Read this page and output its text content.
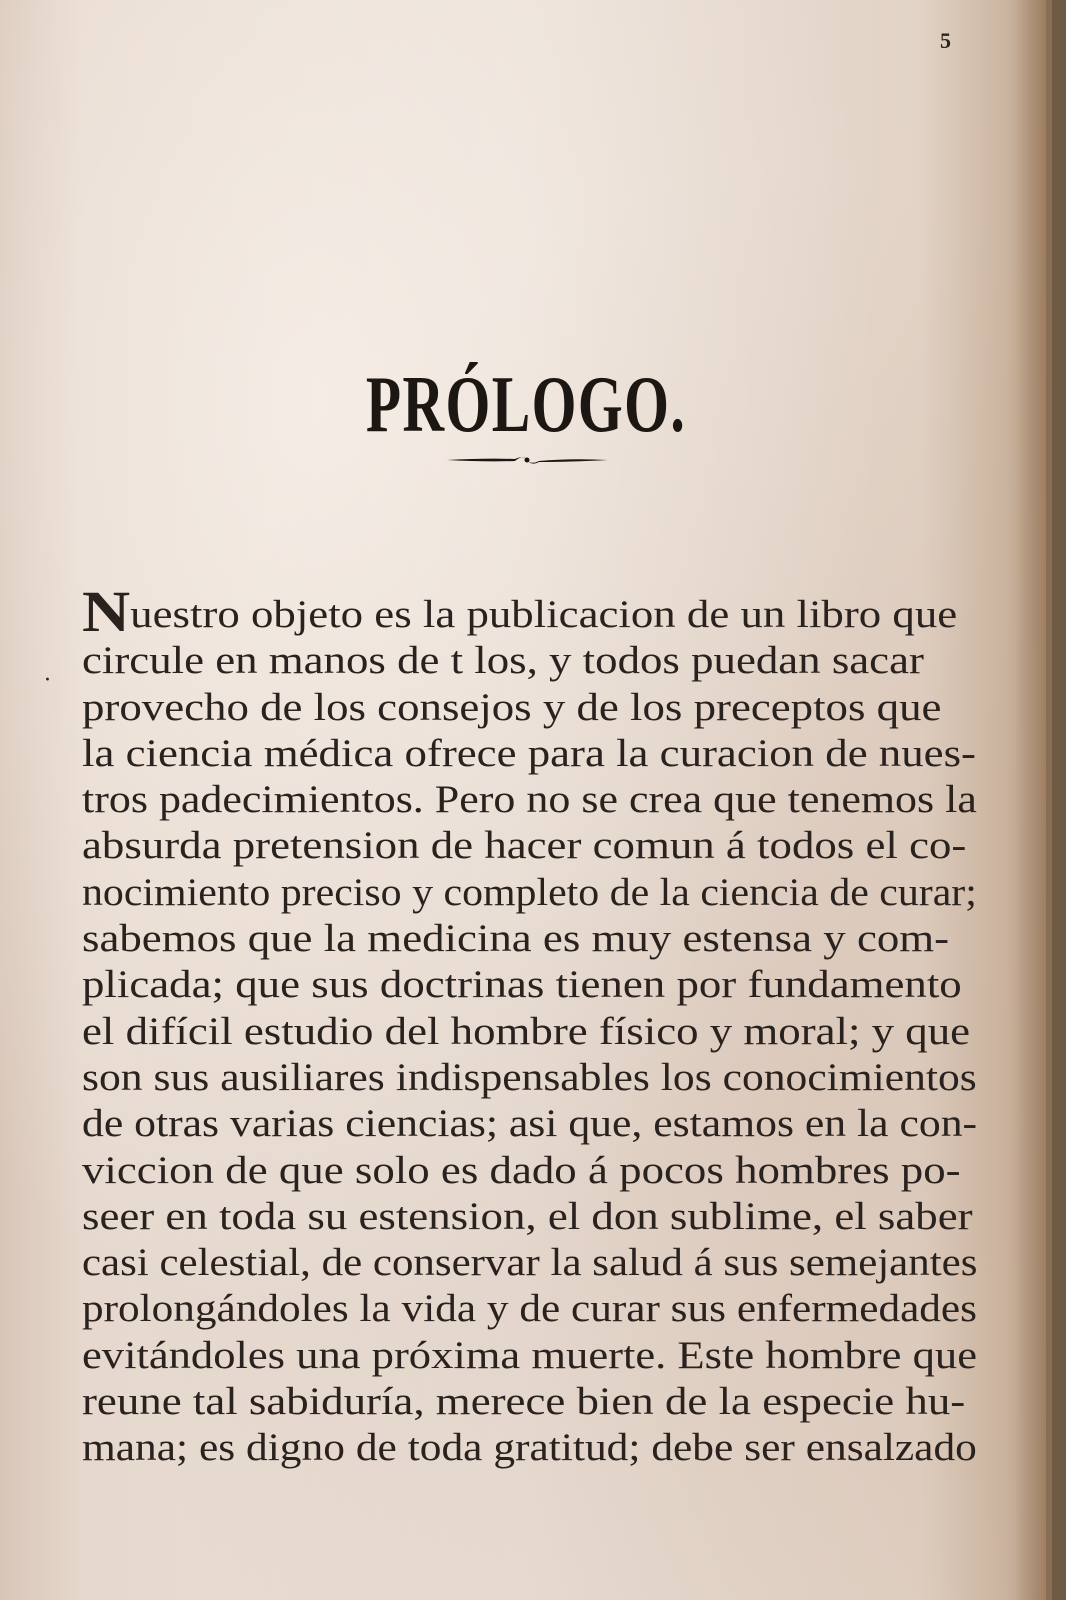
5
PRÓLOGO.
Nuestro objeto es la publicacion de un libro que
circule en manos de t los, y todos puedan sacar
provecho de los consejos y de los preceptos que
la ciencia médica ofrece para la curacion de nues-
tros padecimientos. Pero no se crea que tenemos la
absurda pretension de hacer comun á todos el co-
nocimiento preciso y completo de la ciencia de curar;
sabemos que la medicina es muy estensa y com-
plicada; que sus doctrinas tienen por fundamento
el difícil estudio del hombre físico y moral; y que
son sus ausiliares indispensables los conocimientos
de otras varias ciencias; asi que, estamos en la con-
viccion de que solo es dado á pocos hombres po-
seer en toda su estension, el don sublime, el saber
casi celestial, de conservar la salud á sus semejantes
prolongándoles la vida y de curar sus enfermedades
evitándoles una próxima muerte. Este hombre que
reune tal sabiduría, merece bien de la especie hu-
mana; es digno de toda gratitud; debe ser ensalzado
·
